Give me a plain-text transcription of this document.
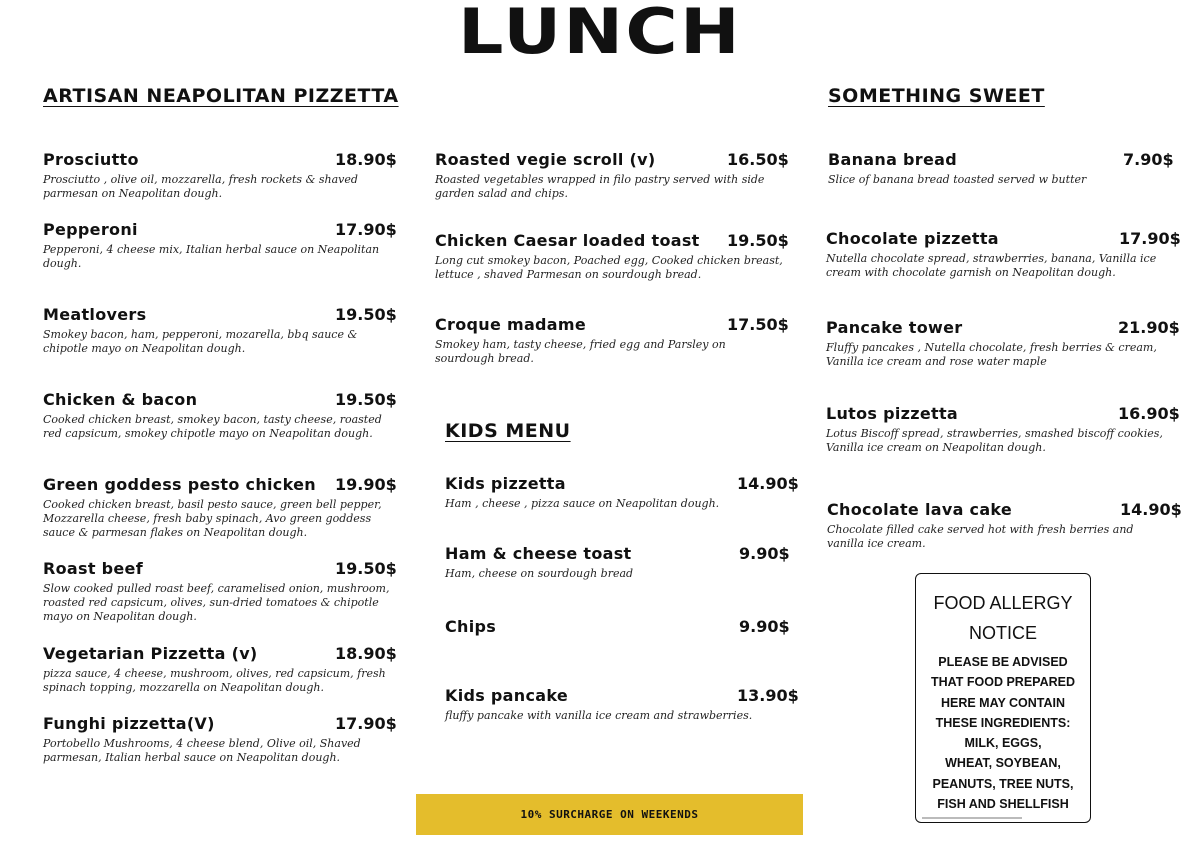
LUNCH
ARTISAN NEAPOLITAN PIZZETTA
KIDS MENU
SOMETHING SWEET
Prosciutto	18.90$
Prosciutto , olive oil, mozzarella, fresh rockets & shaved parmesan on Neapolitan dough.
Pepperoni	17.90$
Pepperoni, 4 cheese mix, Italian herbal sauce on Neapolitan dough.
Meatlovers	19.50$
Smokey bacon, ham, pepperoni, mozarella, bbq sauce & chipotle mayo on Neapolitan dough.
Chicken & bacon	19.50$
Cooked chicken breast, smokey bacon, tasty cheese, roasted red capsicum, smokey chipotle mayo on Neapolitan dough.
Green goddess pesto chicken	19.90$
Cooked chicken breast, basil pesto sauce, green bell pepper, Mozzarella cheese, fresh baby spinach, Avo green goddess sauce & parmesan flakes on Neapolitan dough.
Roast beef	19.50$
Slow cooked pulled roast beef, caramelised onion, mushroom, roasted red capsicum, olives, sun-dried tomatoes & chipotle mayo on Neapolitan dough.
Vegetarian Pizzetta (v)	18.90$
pizza sauce, 4 cheese, mushroom, olives, red capsicum, fresh spinach topping, mozzarella on Neapolitan dough.
Funghi pizzetta(V)	17.90$
Portobello Mushrooms, 4 cheese blend, Olive oil, Shaved parmesan, Italian herbal sauce on Neapolitan dough.
Roasted vegie scroll (v)	16.50$
Roasted vegetables wrapped in filo pastry served with side garden salad and chips.
Chicken Caesar loaded toast	19.50$
Long cut smokey bacon, Poached egg, Cooked chicken breast, lettuce , shaved Parmesan on sourdough bread.
Croque madame	17.50$
Smokey ham, tasty cheese, fried egg and Parsley on sourdough bread.
Kids pizzetta	14.90$
Ham , cheese , pizza sauce on Neapolitan dough.
Ham & cheese toast	9.90$
Ham, cheese on sourdough bread
Chips	9.90$
Kids pancake	13.90$
fluffy pancake with vanilla ice cream and strawberries.
Banana bread	7.90$
Slice of banana bread toasted served w butter
Chocolate pizzetta	17.90$
Nutella chocolate spread, strawberries, banana, Vanilla ice cream with chocolate garnish on Neapolitan dough.
Pancake tower	21.90$
Fluffy pancakes , Nutella chocolate, fresh berries & cream, Vanilla ice cream and rose water maple
Lutos pizzetta	16.90$
Lotus Biscoff spread, strawberries, smashed biscoff cookies, Vanilla ice cream on Neapolitan dough.
Chocolate lava cake	14.90$
Chocolate filled cake served hot with fresh berries and vanilla ice cream.
10% SURCHARGE ON WEEKENDS
FOOD ALLERGY
NOTICE
PLEASE BE ADVISED
THAT FOOD PREPARED
HERE MAY CONTAIN
THESE INGREDIENTS:
MILK, EGGS,
WHEAT, SOYBEAN,
PEANUTS, TREE NUTS,
FISH AND SHELLFISH
